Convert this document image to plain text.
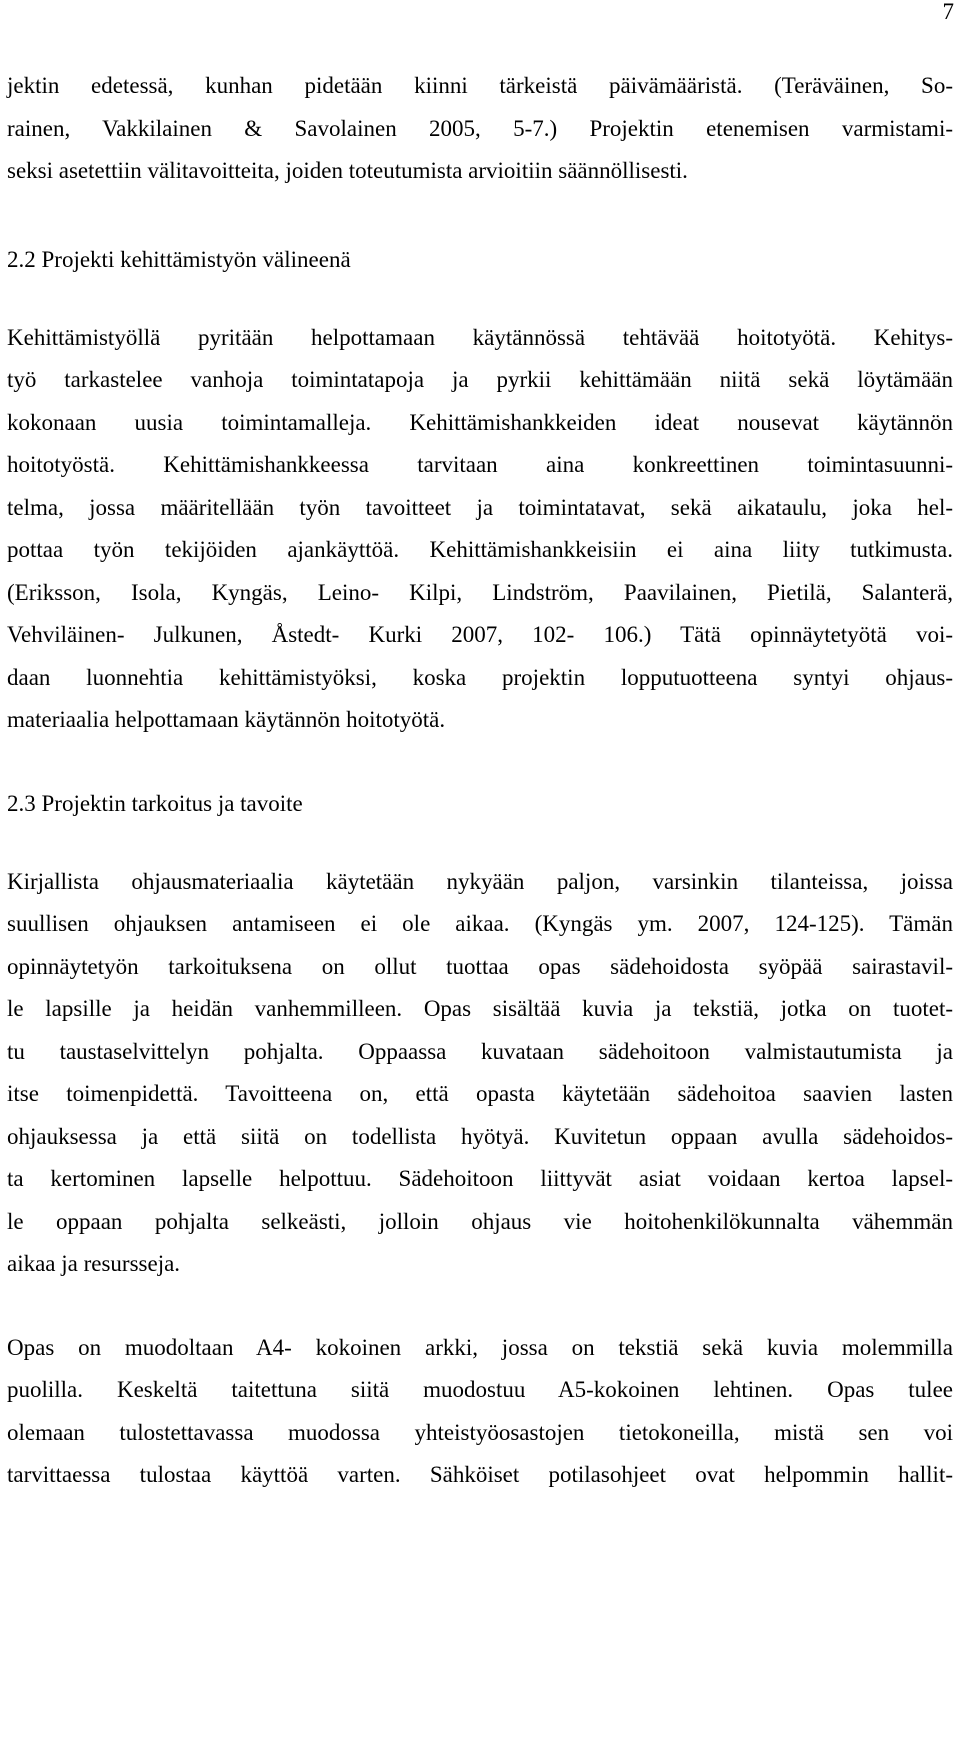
7
jektin edetessä, kunhan pidetään kiinni tärkeistä päivämääristä. (Teräväinen, So-
rainen, Vakkilainen & Savolainen 2005, 5-7.) Projektin etenemisen varmistami-
seksi asetettiin välitavoitteita, joiden toteutumista arvioitiin säännöllisesti.
2.2 Projekti kehittämistyön välineenä
Kehittämistyöllä pyritään helpottamaan käytännössä tehtävää hoitotyötä. Kehitys-
työ tarkastelee vanhoja toimintatapoja ja pyrkii kehittämään niitä sekä löytämään
kokonaan uusia toimintamalleja. Kehittämishankkeiden ideat nousevat käytännön
hoitotyöstä. Kehittämishankkeessa tarvitaan aina konkreettinen toimintasuunni-
telma, jossa määritellään työn tavoitteet ja toimintatavat, sekä aikataulu, joka hel-
pottaa työn tekijöiden ajankäyttöä. Kehittämishankkeisiin ei aina liity tutkimusta.
(Eriksson, Isola, Kyngäs, Leino- Kilpi, Lindström, Paavilainen, Pietilä, Salanterä,
Vehviläinen- Julkunen, Åstedt- Kurki 2007, 102- 106.) Tätä opinnäytetyötä voi-
daan luonnehtia kehittämistyöksi, koska projektin lopputuotteena syntyi ohjaus-
materiaalia helpottamaan käytännön hoitotyötä.
2.3 Projektin tarkoitus ja tavoite
Kirjallista ohjausmateriaalia käytetään nykyään paljon, varsinkin tilanteissa, joissa
suullisen ohjauksen antamiseen ei ole aikaa. (Kyngäs ym. 2007, 124-125). Tämän
opinnäytetyön tarkoituksena on ollut tuottaa opas sädehoidosta syöpää sairastavil-
le lapsille ja heidän vanhemmilleen. Opas sisältää kuvia ja tekstiä, jotka on tuotet-
tu taustaselvittelyn pohjalta. Oppaassa kuvataan sädehoitoon valmistautumista ja
itse toimenpidettä. Tavoitteena on, että opasta käytetään sädehoitoa saavien lasten
ohjauksessa ja että siitä on todellista hyötyä. Kuvitetun oppaan avulla sädehoidos-
ta kertominen lapselle helpottuu. Sädehoitoon liittyvät asiat voidaan kertoa lapsel-
le oppaan pohjalta selkeästi, jolloin ohjaus vie hoitohenkilökunnalta vähemmän
aikaa ja resursseja.
Opas on muodoltaan A4- kokoinen arkki, jossa on tekstiä sekä kuvia molemmilla
puolilla. Keskeltä taitettuna siitä muodostuu A5-kokoinen lehtinen. Opas tulee
olemaan tulostettavassa muodossa yhteistyöosastojen tietokoneilla, mistä sen voi
tarvittaessa tulostaa käyttöä varten. Sähköiset potilasohjeet ovat helpommin hallit-
